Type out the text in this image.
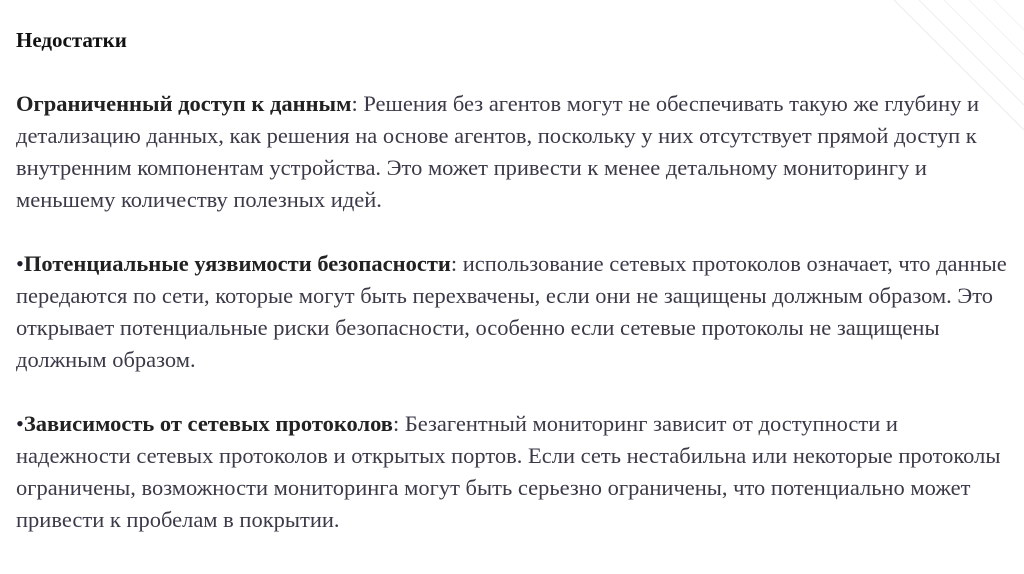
Недостатки

Ограниченный доступ к данным: Решения без агентов могут не обеспечивать такую же глубину и детализацию данных, как решения на основе агентов, поскольку у них отсутствует прямой доступ к внутренним компонентам устройства. Это может привести к менее детальному мониторингу и меньшему количеству полезных идей.

•Потенциальные уязвимости безопасности: использование сетевых протоколов означает, что данные передаются по сети, которые могут быть перехвачены, если они не защищены должным образом. Это открывает потенциальные риски безопасности, особенно если сетевые протоколы не защищены должным образом.

•Зависимость от сетевых протоколов: Безагентный мониторинг зависит от доступности и надежности сетевых протоколов и открытых портов. Если сеть нестабильна или некоторые протоколы ограничены, возможности мониторинга могут быть серьезно ограничены, что потенциально может привести к пробелам в покрытии.
